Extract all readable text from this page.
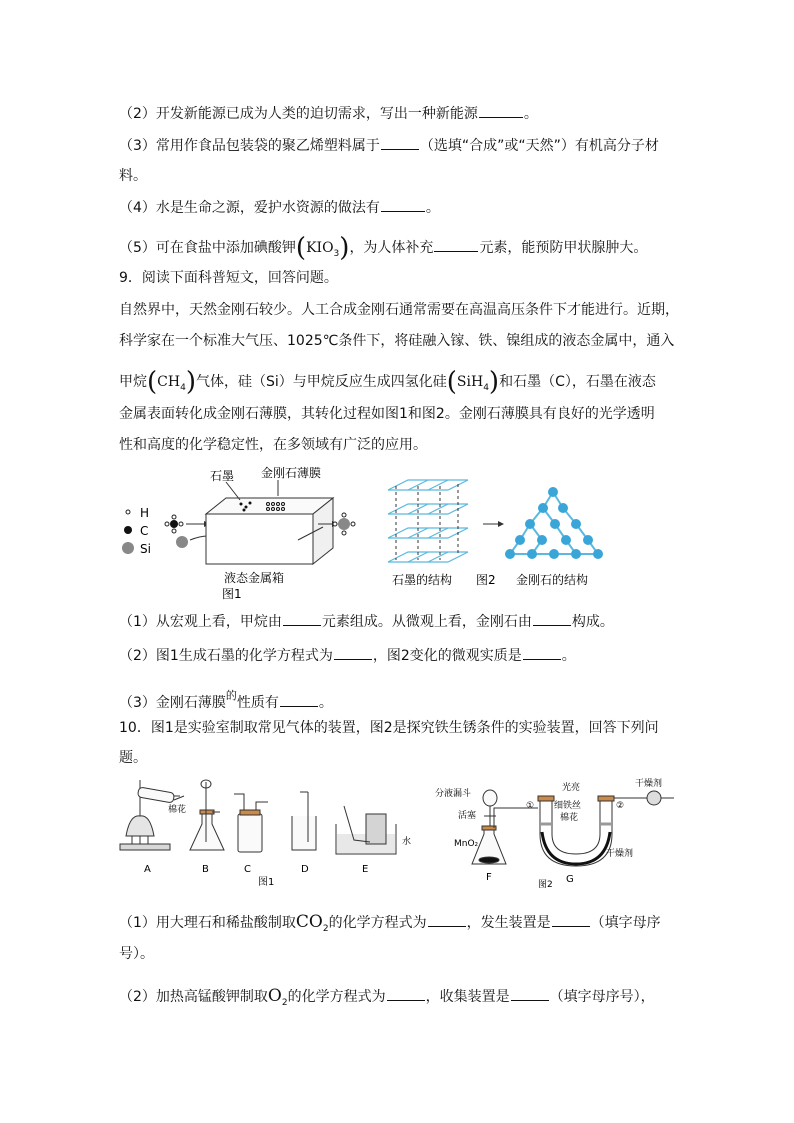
（2）开发新能源已成为人类的迫切需求，写出一种新能源	。
（3）常用作食品包装袋的聚乙烯塑料属于	（选填“合成”或“天然”）有机高分子材
料。
（4）水是生命之源，爱护水资源的做法有	。
（5）可在食盐中添加碘酸钾$(KIO_3)$，为人体补充	元素，能预防甲状腺肿大。
9．阅读下面科普短文，回答问题。
自然界中，天然金刚石较少。人工合成金刚石通常需要在高温高压条件下才能进行。近期，
科学家在一个标准大气压、1025℃条件下，将硅融入镓、铁、镍组成的液态金属中，通入
甲烷$(CH_4)$气体，硅（Si）与甲烷反应生成四氢化硅(SiH$_4$)和石墨（C），石墨在液态
金属表面转化成金刚石薄膜，其转化过程如图1和图2。金刚石薄膜具有良好的光学透明
性和高度的化学稳定性，在多领域有广泛的应用。
H
C
Si
石墨 金刚石薄膜
液态金属箱
图1
石墨的结构 图2 金刚石的结构
（1）从宏观上看，甲烷由	元素组成。从微观上看，金刚石由	构成。
（2）图1生成石墨的化学方程式为	，图2变化的微观实质是	。
（3）金刚石薄膜$^的$性质有	。
10．图1是实验室制取常见气体的装置，图2是探究铁生锈条件的实验装置，回答下列问
题。
棉花
A	B	C	D
水
E
图1
分液漏斗
活塞
MnO₂
F
光亮
细铁丝
棉花
①	②
干燥剂
干燥剂
G
图2
（1）用大理石和稀盐酸制取$CO_2$的化学方程式为	，发生装置是	（填字母序
号）。
（2）加热高锰酸钾制取$O_2$的化学方程式为	，收集装置是	（填字母序号），
